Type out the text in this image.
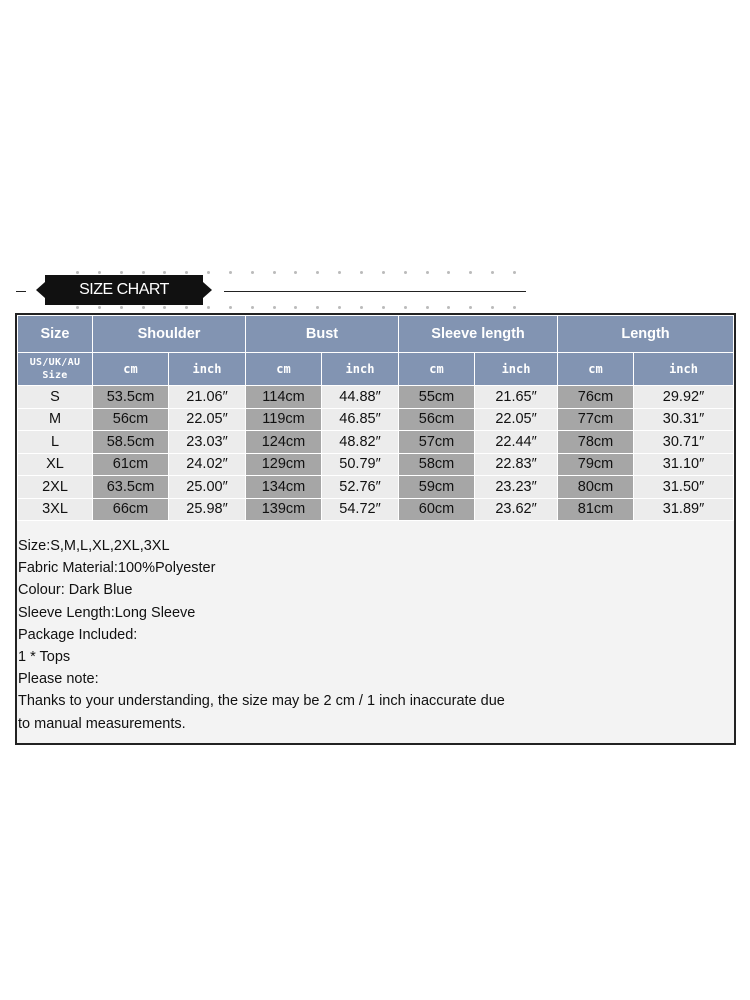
SIZE CHART
Size	Shoulder		Bust		Sleeve length		Length	

US/UK/AU
Size	cm	inch	cm	inch	cm	inch	cm	inch
S	53.5cm	21.06″	114cm	44.88″	55cm	21.65″	76cm	29.92″
M	56cm	22.05″	119cm	46.85″	56cm	22.05″	77cm	30.31″
L	58.5cm	23.03″	124cm	48.82″	57cm	22.44″	78cm	30.71″
XL	61cm	24.02″	129cm	50.79″	58cm	22.83″	79cm	31.10″
2XL	63.5cm	25.00″	134cm	52.76″	59cm	23.23″	80cm	31.50″
3XL	66cm	25.98″	139cm	54.72″	60cm	23.62″	81cm	31.89″
Size:S,M,L,XL,2XL,3XL
Fabric Material:100%Polyester
Colour: Dark Blue
Sleeve Length:Long Sleeve
Package Included:
1 * Tops
Please note:
Thanks to your understanding, the size may be 2 cm / 1 inch inaccurate due
to manual measurements.
